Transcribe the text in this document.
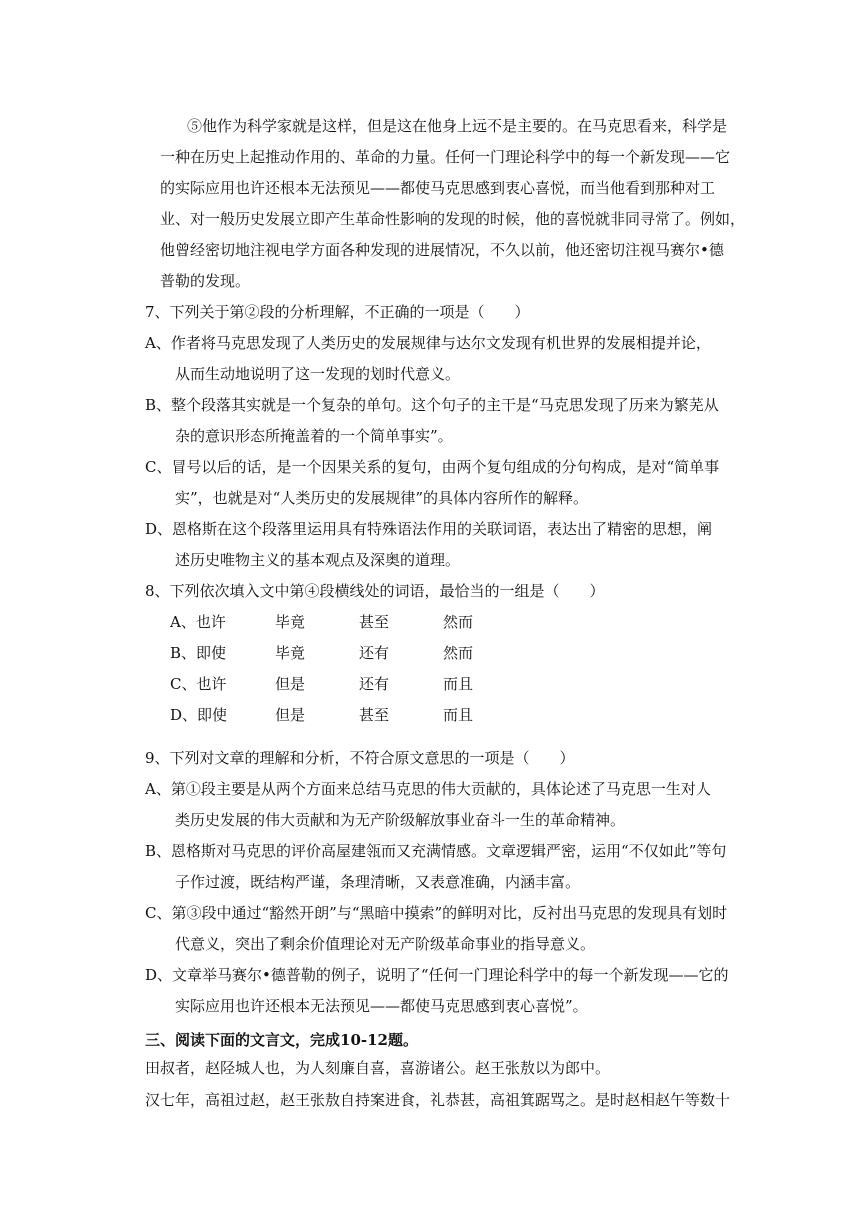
⑤他作为科学家就是这样，但是这在他身上远不是主要的。在马克思看来，科学是
一种在历史上起推动作用的、革命的力量。任何一门理论科学中的每一个新发现——它
的实际应用也许还根本无法预见——都使马克思感到衷心喜悦，而当他看到那种对工
业、对一般历史发展立即产生革命性影响的发现的时候，他的喜悦就非同寻常了。例如，
他曾经密切地注视电学方面各种发现的进展情况，不久以前，他还密切注视马赛尔•德
普勒的发现。
7、下列关于第②段的分析理解，不正确的一项是（　　）
A、作者将马克思发现了人类历史的发展规律与达尔文发现有机世界的发展相提并论，
从而生动地说明了这一发现的划时代意义。
B、整个段落其实就是一个复杂的单句。这个句子的主干是“马克思发现了历来为繁芜从
杂的意识形态所掩盖着的一个简单事实”。
C、冒号以后的话，是一个因果关系的复句，由两个复句组成的分句构成，是对“简单事
实”，也就是对“人类历史的发展规律”的具体内容所作的解释。
D、恩格斯在这个段落里运用具有特殊语法作用的关联词语，表达出了精密的思想，阐
述历史唯物主义的基本观点及深奥的道理。
8、下列依次填入文中第④段横线处的词语，最恰当的一组是（　　）
A、也许	毕竟	甚至	然而
B、即使	毕竟	还有	然而
C、也许	但是	还有	而且
D、即使	但是	甚至	而且
9、下列对文章的理解和分析，不符合原文意思的一项是（　　）
A、第①段主要是从两个方面来总结马克思的伟大贡献的，具体论述了马克思一生对人
类历史发展的伟大贡献和为无产阶级解放事业奋斗一生的革命精神。
B、恩格斯对马克思的评价高屋建瓴而又充满情感。文章逻辑严密，运用“不仅如此”等句
子作过渡，既结构严谨，条理清晰，又表意准确，内涵丰富。
C、第③段中通过“豁然开朗”与“黑暗中摸索”的鲜明对比，反衬出马克思的发现具有划时
代意义，突出了剩余价值理论对无产阶级革命事业的指导意义。
D、文章举马赛尔•德普勒的例子，说明了“任何一门理论科学中的每一个新发现——它的
实际应用也许还根本无法预见——都使马克思感到衷心喜悦”。
三、阅读下面的文言文，完成10-12题。
田叔者，赵陉城人也，为人刻廉自喜，喜游诸公。赵王张敖以为郎中。
汉七年，高祖过赵，赵王张敖自持案进食，礼恭甚，高祖箕踞骂之。是时赵相赵午等数十
